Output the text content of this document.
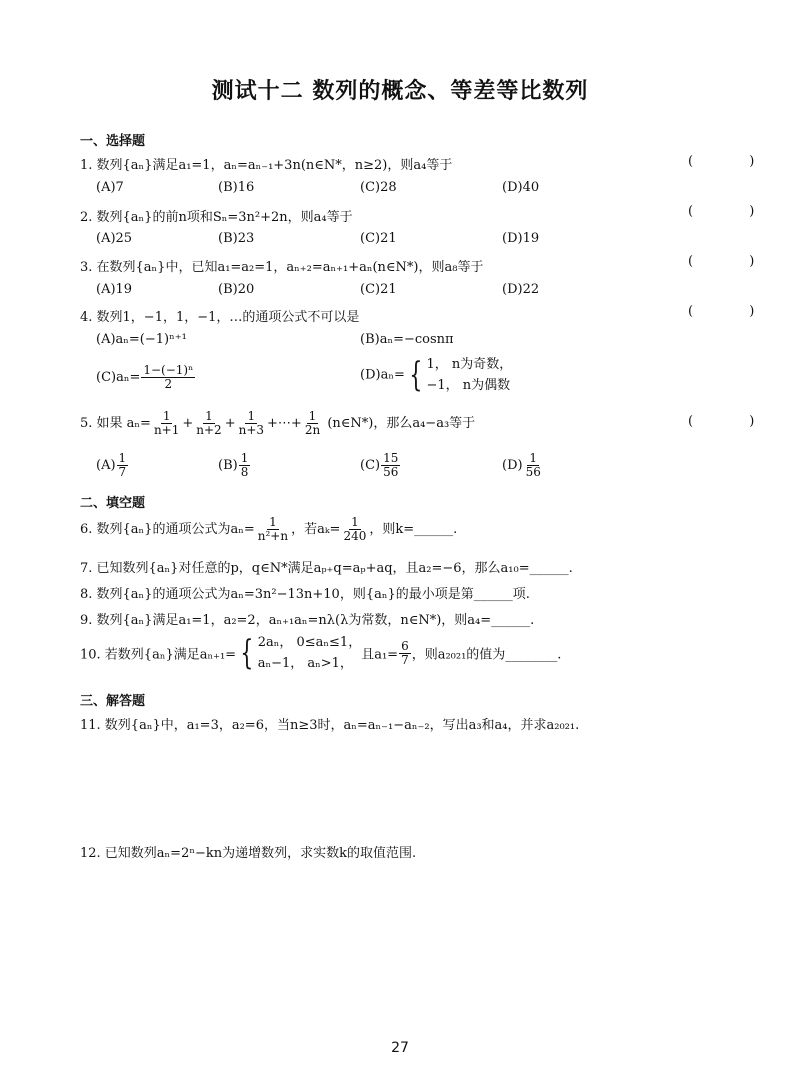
测试十二 数列的概念、等差等比数列
一、选择题
1. 数列{aₙ}满足a₁=1，aₙ=aₙ₋₁+3n(n∈N*，n≥2)，则a₄等于	( )
(A)7	(B)16	(C)28	(D)40
2. 数列{aₙ}的前n项和Sₙ=3n²+2n，则a₄等于	( )
(A)25	(B)23	(C)21	(D)19
3. 在数列{aₙ}中，已知a₁=a₂=1，aₙ₊₂=aₙ₊₁+aₙ(n∈N*)，则a₈等于	( )
(A)19	(B)20	(C)21	(D)22
4. 数列1，−1，1，−1，…的通项公式不可以是	( )
(A)aₙ=(−1)ⁿ⁺¹	(B)aₙ=−cosnπ
$(C)a_n= \frac{\text{1−(−1)ⁿ}}{2}$	(D)aₙ= { 1， n为奇数，
−1， n为偶数
5. 如果 $a_n= \frac{1}{n+1} + \frac{1}{n+2} + \frac{1}{n+3}$ +⋯+ $\frac{1}{2n}$ (n∈N*)，那么a₄−a₃等于	( )
$(A) \frac{1}{7}$	$(B) \frac{1}{8}$	$(C) \frac{15}{56}$	$(D) \frac{1}{56}$
二、填空题
6. 数列{aₙ}的通项公式为$a_n= \frac{1}{\text{n²+n}}$ ，若$a_k= \frac{1}{240}$ ，则k=______.
7. 已知数列{aₙ}对任意的p，q∈N*满足aₚ₊q=aₚ+aq，且a₂=−6，那么a₁₀=______.
8. 数列{aₙ}的通项公式为aₙ=3n²−13n+10，则{aₙ}的最小项是第______项.
9. 数列{aₙ}满足a₁=1，a₂=2，aₙ₊₁aₙ=nλ(λ为常数，n∈N*)，则a₄=______.
10. 若数列{aₙ}满足aₙ₊₁= { 2aₙ， 0≤aₙ≤1，
aₙ−1， aₙ>1，
且$a_1= \frac{6}{7}$ ，则a₂₀₂₁的值为________.
三、解答题
11. 数列{aₙ}中，a₁=3，a₂=6，当n≥3时，aₙ=aₙ₋₁−aₙ₋₂，写出a₃和a₄，并求a₂₀₂₁.
12. 已知数列aₙ=2ⁿ−kn为递增数列，求实数k的取值范围.
27
